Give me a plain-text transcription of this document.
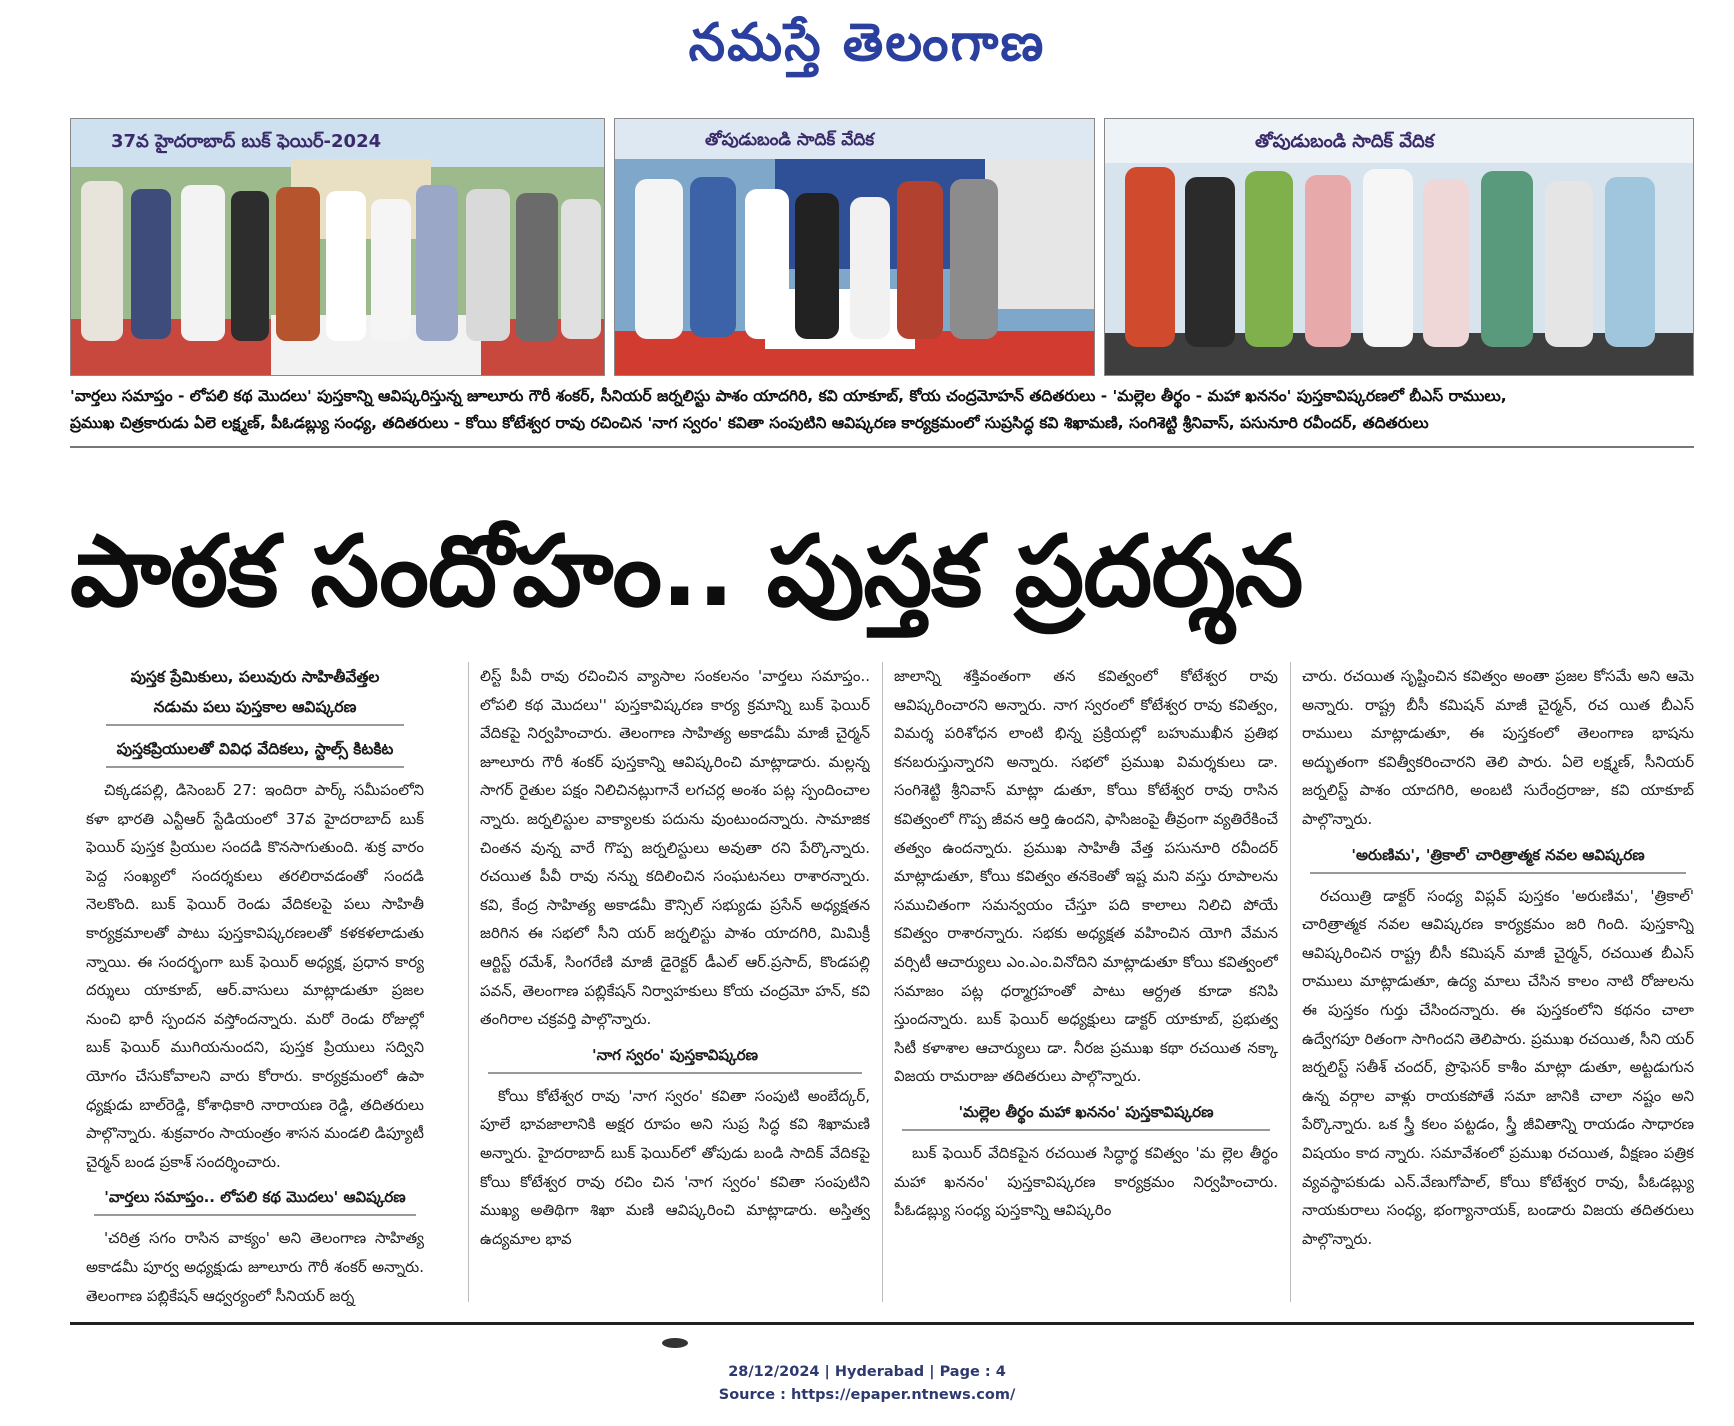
నమస్తే తెలంగాణ
37వ హైదరాబాద్ బుక్ ఫెయిర్-2024	తోపుడుబండి సాదిక్ వేదిక	తోపుడుబండి సాదిక్ వేదిక
'వార్తలు సమాప్తం - లోపలి కథ మొదలు' పుస్తకాన్ని ఆవిష్కరిస్తున్న జూలూరు గౌరీ శంకర్, సీనియర్ జర్నలిస్టు పాశం యాదగిరి, కవి యాకూబ్, కోయ చంద్రమోహన్ తదితరులు - 'మల్లెల తీర్థం - మహా ఖననం' పుస్తకావిష్కరణలో బీఎస్ రాములు,
ప్రముఖ చిత్రకారుడు ఏలె లక్ష్మణ్, పీఓడబ్ల్యు సంధ్య, తదితరులు - కోయి కోటేశ్వర రావు రచించిన 'నాగ స్వరం' కవితా సంపుటిని ఆవిష్కరణ కార్యక్రమంలో సుప్రసిద్ధ కవి శిఖామణి, సంగిశెట్టి శ్రీనివాస్, పసునూరి రవీందర్, తదితరులు
పాఠక సందోహం.. పుస్తక ప్రదర్శన
పుస్తక ప్రేమికులు, పలువురు సాహితీవేత్తల
నడుమ పలు పుస్తకాల ఆవిష్కరణ
పుస్తకప్రియులతో వివిధ వేదికలు, స్టాల్స్ కిటకిట

చిక్కడపల్లి, డిసెంబర్ 27: ఇందిరా పార్క్ సమీపంలోని కళా భారతి ఎన్టీఆర్ స్టేడియంలో 37వ హైదరాబాద్ బుక్ ఫెయిర్ పుస్తక ప్రియుల సందడి కొనసాగుతుంది. శుక్ర వారం పెద్ద సంఖ్యలో సందర్శకులు తరలిరావడంతో సందడి నెలకొంది. బుక్ ఫెయిర్ రెండు వేదికలపై పలు సాహితీ కార్యక్రమాలతో పాటు పుస్తకావిష్కరణలతో కళకళలాడుతు న్నాయి. ఈ సందర్భంగా బుక్ ఫెయిర్ అధ్యక్ష, ప్రధాన కార్య దర్శులు యాకూబ్, ఆర్.వాసులు మాట్లాడుతూ ప్రజల నుంచి భారీ స్పందన వస్తోందన్నారు. మరో రెండు రోజుల్లో బుక్ ఫెయిర్ ముగియనుందని, పుస్తక ప్రియులు సద్విని యోగం చేసుకోవాలని వారు కోరారు. కార్యక్రమంలో ఉపా ధ్యక్షుడు బాల్‌రెడ్డి, కోశాధికారి నారాయణ రెడ్డి, తదితరులు పాల్గొన్నారు. శుక్రవారం సాయంత్రం శాసన మండలి డిప్యూటీ చైర్మన్ బండ ప్రకాశ్ సందర్శించారు.

'వార్తలు సమాప్తం.. లోపలి కథ మొదలు' ఆవిష్కరణ

'చరిత్ర సగం రాసిన వాక్యం' అని తెలంగాణ సాహిత్య అకాడమీ పూర్వ అధ్యక్షుడు జూలూరు గౌరీ శంకర్ అన్నారు. తెలంగాణ పబ్లికేషన్ ఆధ్వర్యంలో సీనియర్ జర్న

లిస్ట్ పీవీ రావు రచించిన వ్యాసాల సంకలనం 'వార్తలు సమాప్తం.. లోపలి కథ మొదలు'' పుస్తకావిష్కరణ కార్య క్రమాన్ని బుక్ ఫెయిర్ వేదికపై నిర్వహించారు. తెలంగాణ సాహిత్య అకాడమీ మాజీ చైర్మన్ జూలూరు గౌరీ శంకర్ పుస్తకాన్ని ఆవిష్కరించి మాట్లాడారు. మల్లన్న సాగర్ రైతుల పక్షం నిలిచినట్లుగానే లగచర్ల అంశం పట్ల స్పందించాల న్నారు. జర్నలిస్టుల వాక్యాలకు పదును వుంటుందన్నారు. సామాజిక చింతన వున్న వారే గొప్ప జర్నలిస్టులు అవుతా రని పేర్కొన్నారు. రచయిత పీవీ రావు నన్ను కదిలించిన సంఘటనలు రాశారన్నారు. కవి, కేంద్ర సాహిత్య అకాడమీ కౌన్సిల్ సభ్యుడు ప్రసేన్ అధ్యక్షతన జరిగిన ఈ సభలో సీని యర్ జర్నలిస్టు పాశం యాదగిరి, మిమిక్రీ ఆర్టిస్ట్ రమేశ్, సింగరేణి మాజీ డైరెక్టర్ డీఎల్ ఆర్.ప్రసాద్, కొండపల్లి పవన్, తెలంగాణ పబ్లికేషన్ నిర్వాహకులు కోయ చంద్రమో హన్, కవి తంగిరాల చక్రవర్తి పాల్గొన్నారు.

'నాగ స్వరం' పుస్తకావిష్కరణ

కోయి కోటేశ్వర రావు 'నాగ స్వరం' కవితా సంపుటి అంబేద్కర్, పూలే భావజాలానికి అక్షర రూపం అని సుప్ర సిద్ధ కవి శిఖామణి అన్నారు. హైదరాబాద్ బుక్ ఫెయిర్‌లో తోపుడు బండి సాదిక్ వేదికపై కోయి కోటేశ్వర రావు రచిం చిన 'నాగ స్వరం' కవితా సంపుటిని ముఖ్య అతిథిగా శిఖా మణి ఆవిష్కరించి మాట్లాడారు. అస్తిత్వ ఉద్యమాల భావ

జాలాన్ని శక్తివంతంగా తన కవిత్వంలో కోటేశ్వర రావు ఆవిష్కరించారని అన్నారు. నాగ స్వరంలో కోటేశ్వర రావు కవిత్వం, విమర్శ పరిశోధన లాంటి భిన్న ప్రక్రియల్లో బహుముఖీన ప్రతిభ కనబరుస్తున్నారని అన్నారు. సభలో ప్రముఖ విమర్శకులు డా. సంగిశెట్టి శ్రీనివాస్ మాట్లా డుతూ, కోయి కోటేశ్వర రావు రాసిన కవిత్వంలో గొప్ప జీవన ఆర్తి ఉందని, ఫాసిజంపై తీవ్రంగా వ్యతిరేకించే తత్వం ఉందన్నారు. ప్రముఖ సాహితీ వేత్త పసునూరి రవీందర్ మాట్లాడుతూ, కోయి కవిత్వం తనకెంతో ఇష్ట మని వస్తు రూపాలను సముచితంగా సమన్వయం చేస్తూ పది కాలాలు నిలిచి పోయే కవిత్వం రాశారన్నారు. సభకు అధ్యక్షత వహించిన యోగి వేమన వర్సిటీ ఆచార్యులు ఎం.ఎం.వినోదిని మాట్లాడుతూ కోయి కవిత్వంలో సమాజం పట్ల ధర్మాగ్రహంతో పాటు ఆర్ద్రత కూడా కనిపి స్తుందన్నారు. బుక్ ఫెయిర్ అధ్యక్షులు డాక్టర్ యాకూబ్, ప్రభుత్వ సిటీ కళాశాల ఆచార్యులు డా. నీరజ ప్రముఖ కథా రచయిత నక్కా విజయ రామరాజు తదితరులు పాల్గొన్నారు.

'మల్లెల తీర్థం మహా ఖననం' పుస్తకావిష్కరణ

బుక్ ఫెయిర్ వేదికపైన రచయిత సిద్ధార్థ కవిత్వం 'మ ల్లెల తీర్థం మహా ఖననం' పుస్తకావిష్కరణ కార్యక్రమం నిర్వహించారు. పీఓడబ్ల్యు సంధ్య పుస్తకాన్ని ఆవిష్కరిం

చారు. రచయిత సృష్టించిన కవిత్వం అంతా ప్రజల కోసమే అని ఆమె అన్నారు. రాష్ట్ర బీసీ కమిషన్ మాజీ చైర్మన్, రచ యిత బీఎస్ రాములు మాట్లాడుతూ, ఈ పుస్తకంలో తెలంగాణ భాషను అద్భుతంగా కవిత్వీకరించారని తెలి పారు. ఏలె లక్ష్మణ్, సీనియర్ జర్నలిస్ట్ పాశం యాదగిరి, అంబటి సురేంద్రరాజు, కవి యాకూబ్ పాల్గొన్నారు.

'అరుణిమ', 'త్రికాల్' చారిత్రాత్మక నవల ఆవిష్కరణ

రచయిత్రి డాక్టర్ సంధ్య విప్లవ్ పుస్తకం 'అరుణిమ', 'త్రికాల్' చారిత్రాత్మక నవల ఆవిష్కరణ కార్యక్రమం జరి గింది. పుస్తకాన్ని ఆవిష్కరించిన రాష్ట్ర బీసీ కమిషన్ మాజీ చైర్మన్, రచయిత బీఎస్ రాములు మాట్లాడుతూ, ఉద్య మాలు చేసిన కాలం నాటి రోజులను ఈ పుస్తకం గుర్తు చేసిందన్నారు. ఈ పుస్తకంలోని కథనం చాలా ఉద్వేగపూ రితంగా సాగిందని తెలిపారు. ప్రముఖ రచయిత, సీని యర్ జర్నలిస్ట్ సతీశ్ చందర్, ప్రొఫెసర్ కాశీం మాట్లా డుతూ, అట్టడుగున ఉన్న వర్గాల వాళ్లు రాయకపోతే సమా జానికి చాలా నష్టం అని పేర్కొన్నారు. ఒక స్త్రీ కలం పట్టడం, స్త్రీ జీవితాన్ని రాయడం సాధారణ విషయం కాద న్నారు. సమావేశంలో ప్రముఖ రచయిత, వీక్షణం పత్రిక వ్యవస్థాపకుడు ఎన్.వేణుగోపాల్, కోయి కోటేశ్వర రావు, పీఓడబ్ల్యు నాయకురాలు సంధ్య, భంగ్యానాయక్, బండారు విజయ తదితరులు పాల్గొన్నారు.

28/12/2024 | Hyderabad | Page : 4
Source : https://epaper.ntnews.com/
